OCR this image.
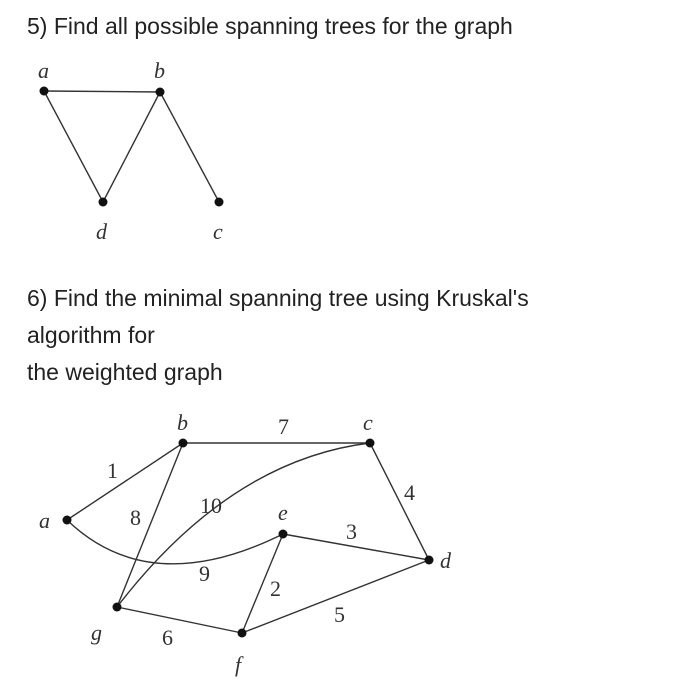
5) Find all possible spanning trees for the graph

a	b
d	c
6) Find the minimal spanning tree using Kruskal's
algorithm for
the weighted graph
a
b	c
d
e
f
g
1
7
4
3
5
2
6
8	10
9
